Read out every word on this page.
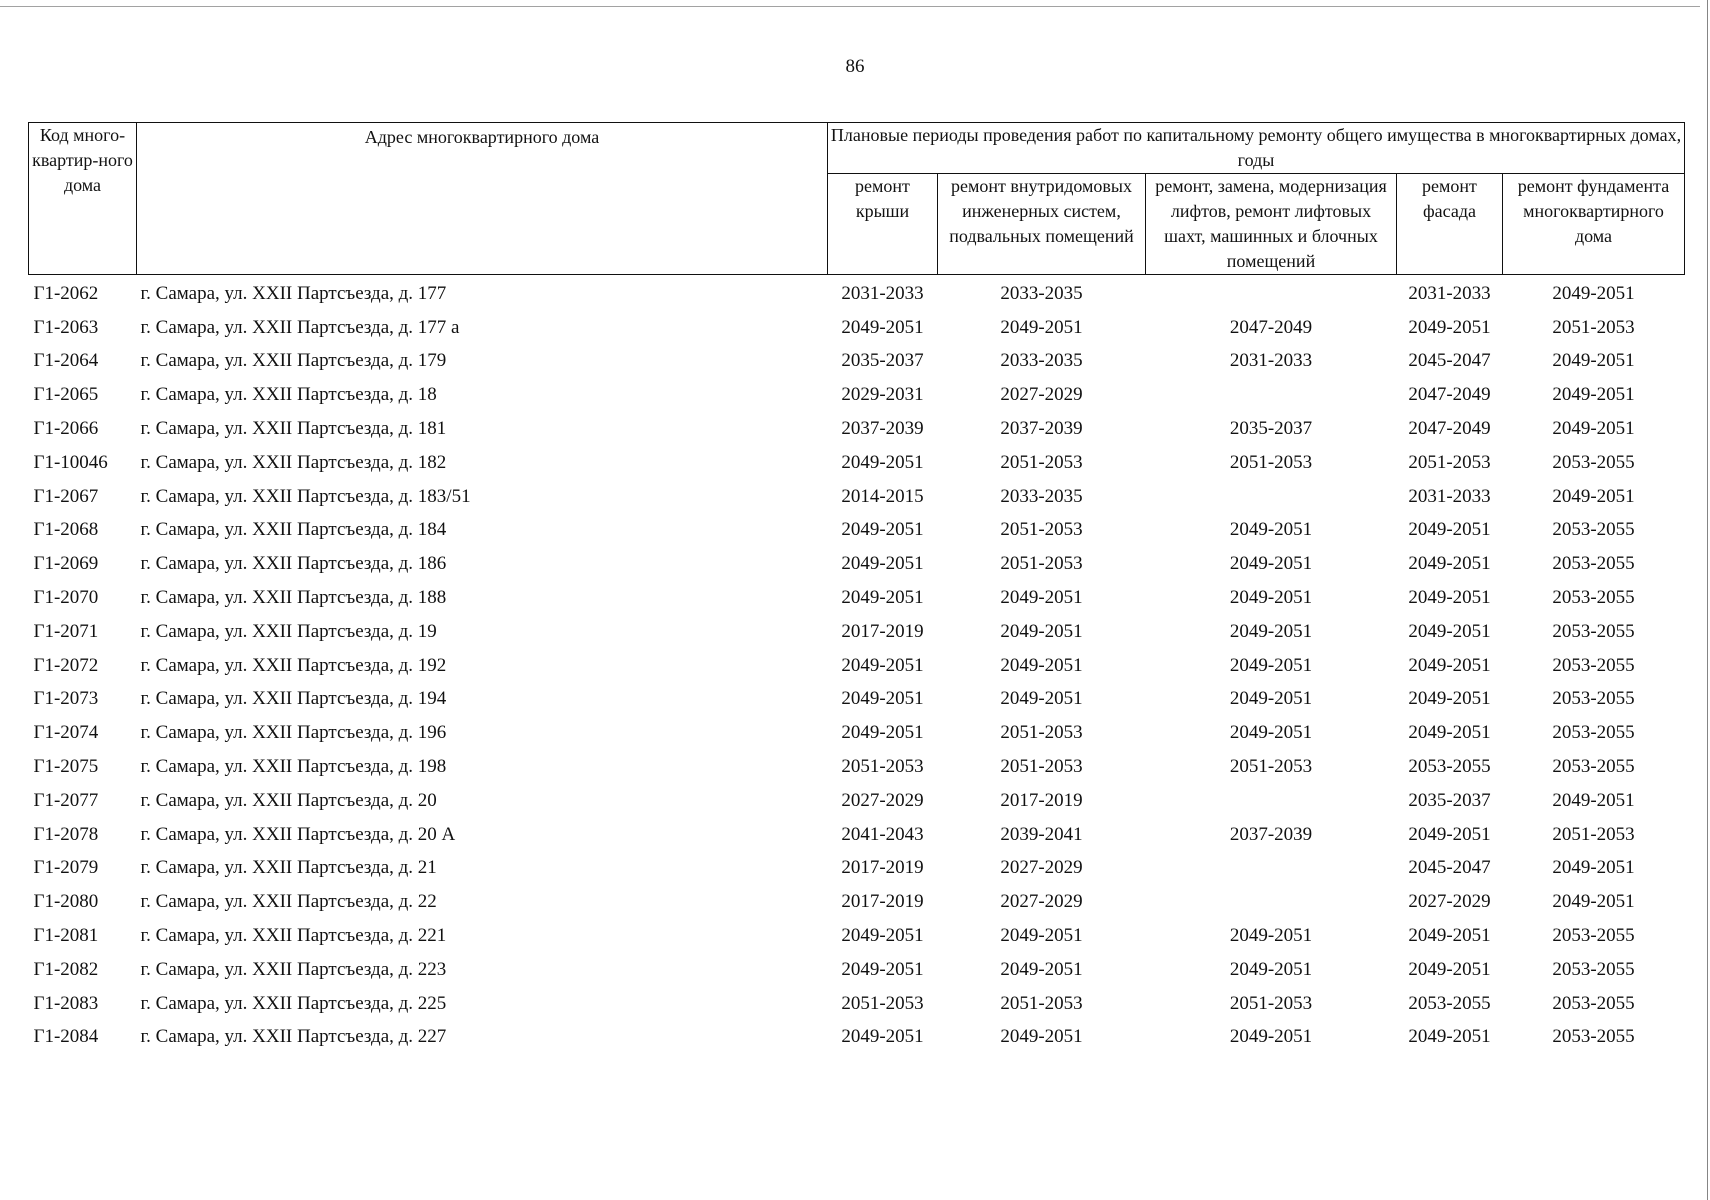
86
Код много-квартир-ного дома	Адрес многоквартирного дома	Плановые периоды проведения работ по капитальному ремонту общего имущества в многоквартирных домах, годы				
		ремонт крыши	ремонт внутридомовых инженерных систем, подвальных помещений	ремонт, замена, модернизация лифтов, ремонт лифтовых шахт, машинных и блочных помещений	ремонт фасада	ремонт фундамента многоквартирного дома
Г1-2062	г. Самара, ул. XXII Партсъезда, д. 177	2031-2033	2033-2035		2031-2033	2049-2051
Г1-2063	г. Самара, ул. XXII Партсъезда, д. 177 а	2049-2051	2049-2051	2047-2049	2049-2051	2051-2053
Г1-2064	г. Самара, ул. XXII Партсъезда, д. 179	2035-2037	2033-2035	2031-2033	2045-2047	2049-2051
Г1-2065	г. Самара, ул. XXII Партсъезда, д. 18	2029-2031	2027-2029		2047-2049	2049-2051
Г1-2066	г. Самара, ул. XXII Партсъезда, д. 181	2037-2039	2037-2039	2035-2037	2047-2049	2049-2051
Г1-10046	г. Самара, ул. XXII Партсъезда, д. 182	2049-2051	2051-2053	2051-2053	2051-2053	2053-2055
Г1-2067	г. Самара, ул. XXII Партсъезда, д. 183/51	2014-2015	2033-2035		2031-2033	2049-2051
Г1-2068	г. Самара, ул. XXII Партсъезда, д. 184	2049-2051	2051-2053	2049-2051	2049-2051	2053-2055
Г1-2069	г. Самара, ул. XXII Партсъезда, д. 186	2049-2051	2051-2053	2049-2051	2049-2051	2053-2055
Г1-2070	г. Самара, ул. XXII Партсъезда, д. 188	2049-2051	2049-2051	2049-2051	2049-2051	2053-2055
Г1-2071	г. Самара, ул. XXII Партсъезда, д. 19	2017-2019	2049-2051	2049-2051	2049-2051	2053-2055
Г1-2072	г. Самара, ул. XXII Партсъезда, д. 192	2049-2051	2049-2051	2049-2051	2049-2051	2053-2055
Г1-2073	г. Самара, ул. XXII Партсъезда, д. 194	2049-2051	2049-2051	2049-2051	2049-2051	2053-2055
Г1-2074	г. Самара, ул. XXII Партсъезда, д. 196	2049-2051	2051-2053	2049-2051	2049-2051	2053-2055
Г1-2075	г. Самара, ул. XXII Партсъезда, д. 198	2051-2053	2051-2053	2051-2053	2053-2055	2053-2055
Г1-2077	г. Самара, ул. XXII Партсъезда, д. 20	2027-2029	2017-2019		2035-2037	2049-2051
Г1-2078	г. Самара, ул. XXII Партсъезда, д. 20 А	2041-2043	2039-2041	2037-2039	2049-2051	2051-2053
Г1-2079	г. Самара, ул. XXII Партсъезда, д. 21	2017-2019	2027-2029		2045-2047	2049-2051
Г1-2080	г. Самара, ул. XXII Партсъезда, д. 22	2017-2019	2027-2029		2027-2029	2049-2051
Г1-2081	г. Самара, ул. XXII Партсъезда, д. 221	2049-2051	2049-2051	2049-2051	2049-2051	2053-2055
Г1-2082	г. Самара, ул. XXII Партсъезда, д. 223	2049-2051	2049-2051	2049-2051	2049-2051	2053-2055
Г1-2083	г. Самара, ул. XXII Партсъезда, д. 225	2051-2053	2051-2053	2051-2053	2053-2055	2053-2055
Г1-2084	г. Самара, ул. XXII Партсъезда, д. 227	2049-2051	2049-2051	2049-2051	2049-2051	2053-2055
